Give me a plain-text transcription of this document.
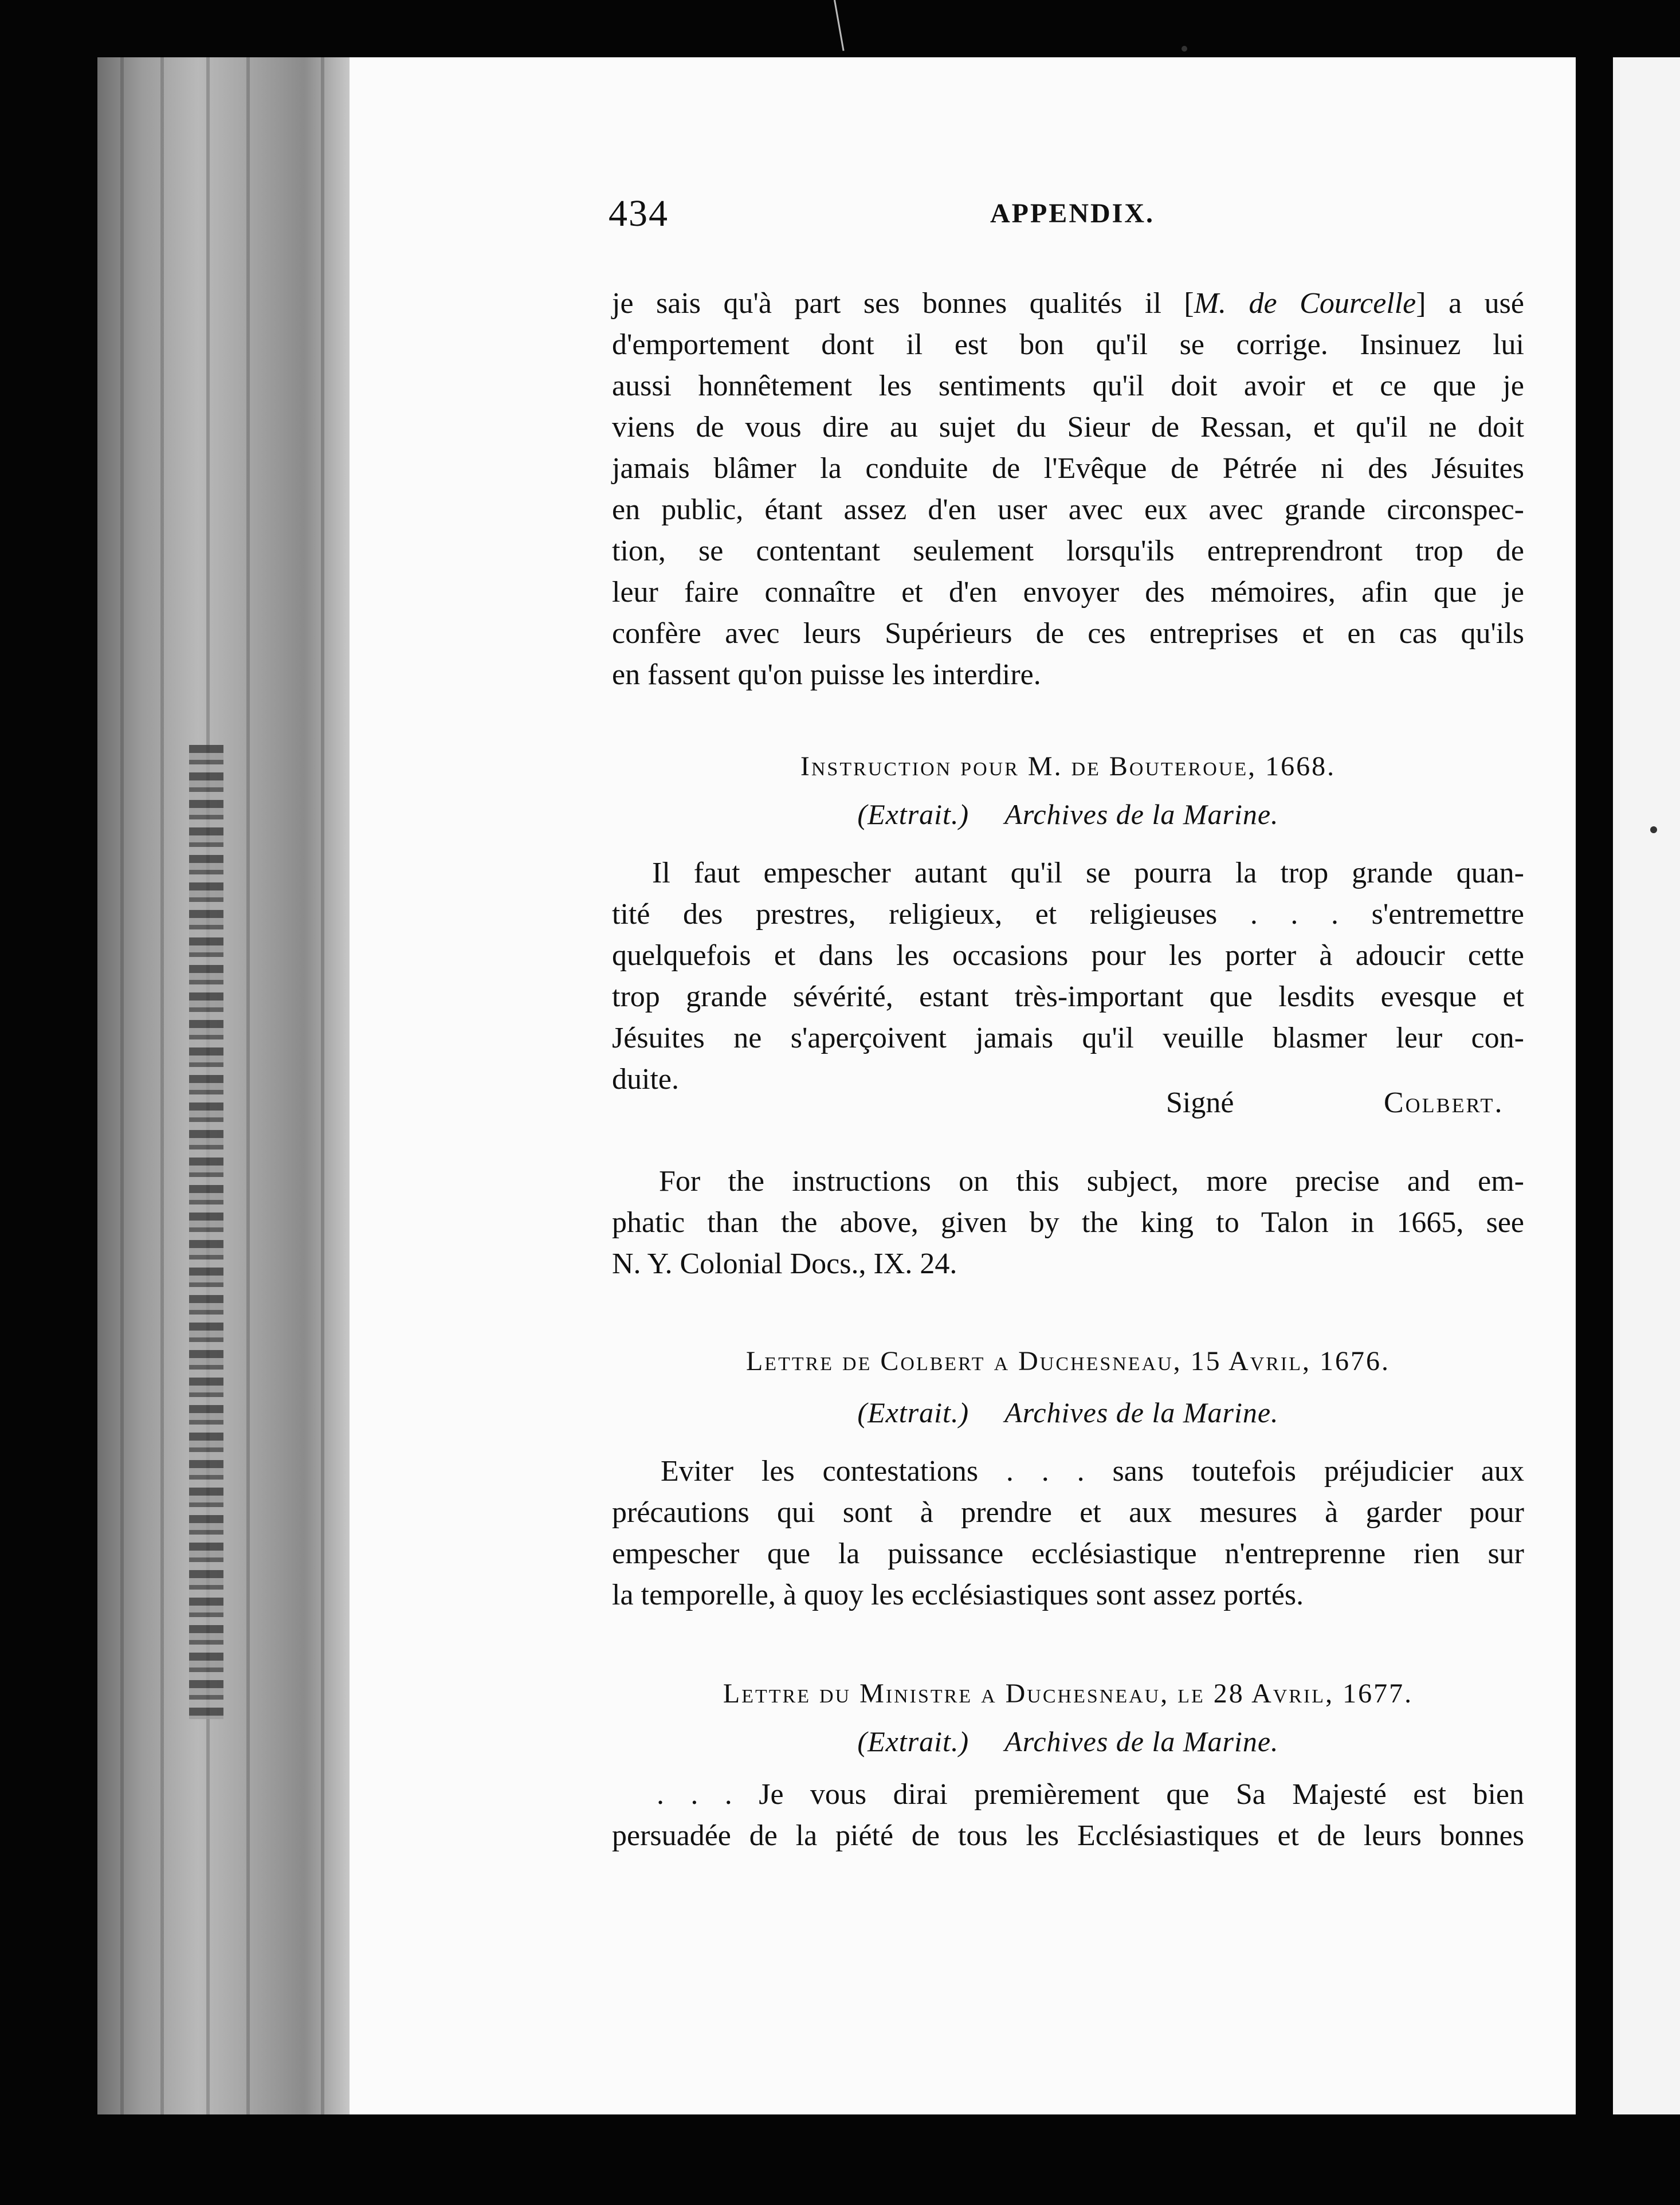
434	APPENDIX.
je sais qu'à part ses bonnes qualités il [M. de Courcelle] a usé
d'emportement dont il est bon qu'il se corrige. Insinuez lui
aussi honnêtement les sentiments qu'il doit avoir et ce que je
viens de vous dire au sujet du Sieur de Ressan, et qu'il ne doit
jamais blâmer la conduite de l'Evêque de Pétrée ni des Jésuites
en public, étant assez d'en user avec eux avec grande circonspec-
tion, se contentant seulement lorsqu'ils entreprendront trop de
leur faire connaître et d'en envoyer des mémoires, afin que je
confère avec leurs Supérieurs de ces entreprises et en cas qu'ils
en fassent qu'on puisse les interdire.
Instruction pour M. de Bouteroue, 1668.
(Extrait.) Archives de la Marine.
Il faut empescher autant qu'il se pourra la trop grande quan-
tité des prestres, religieux, et religieuses . . . s'entremettre
quelquefois et dans les occasions pour les porter à adoucir cette
trop grande sévérité, estant très-important que lesdits evesque et
Jésuites ne s'aperçoivent jamais qu'il veuille blasmer leur con-
duite.
Signé	Colbert.
For the instructions on this subject, more precise and em-
phatic than the above, given by the king to Talon in 1665, see
N. Y. Colonial Docs., IX. 24.
Lettre de Colbert a Duchesneau, 15 Avril, 1676.
(Extrait.) Archives de la Marine.
Eviter les contestations . . . sans toutefois préjudicier aux
précautions qui sont à prendre et aux mesures à garder pour
empescher que la puissance ecclésiastique n'entreprenne rien sur
la temporelle, à quoy les ecclésiastiques sont assez portés.
Lettre du Ministre a Duchesneau, le 28 Avril, 1677.
(Extrait.) Archives de la Marine.
. . . Je vous dirai premièrement que Sa Majesté est bien
persuadée de la piété de tous les Ecclésiastiques et de leurs bonnes
